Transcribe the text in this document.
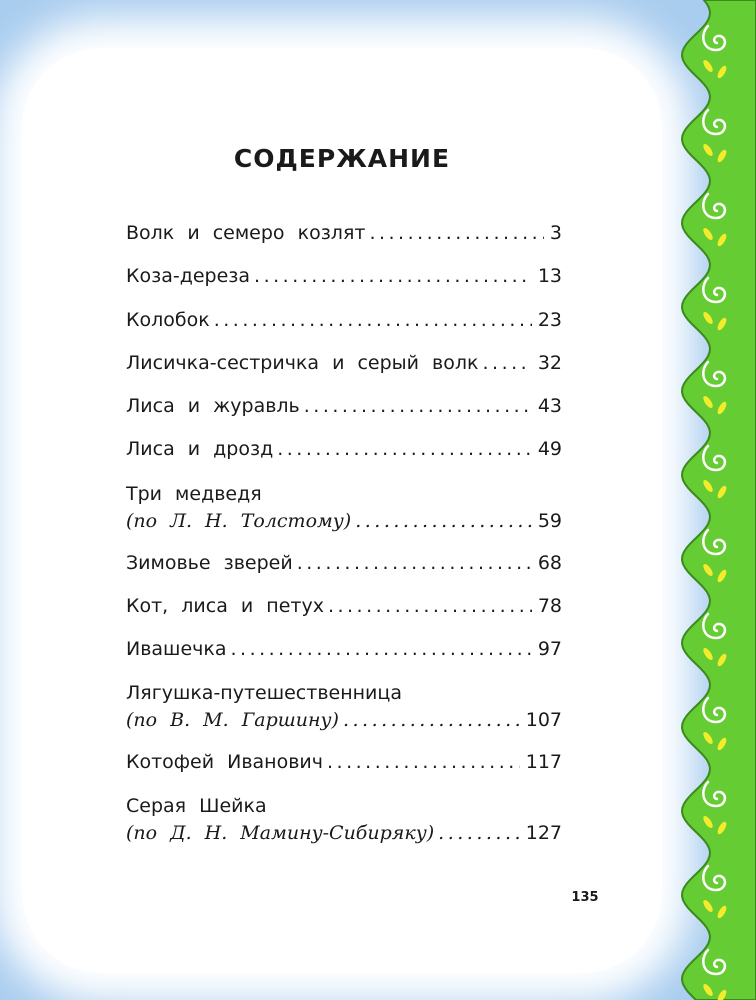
СОДЕРЖАНИЕ
Волк и семеро козлят .....	3
Коза-дереза .....	13
Колобок .....	23
Лисичка-сестричка и серый волк .....	32
Лиса и журавль .....	43
Лиса и дрозд .....	49
Три медведя
(по Л. Н. Толстому) .....	59
Зимовье зверей .....	68
Кот, лиса и петух .....	78
Ивашечка .....	97
Лягушка-путешественница
(по В. М. Гаршину) .....	107
Котофей Иванович .....	117
Серая Шейка
(по Д. Н. Мамину-Сибиряку) .....	127
135
